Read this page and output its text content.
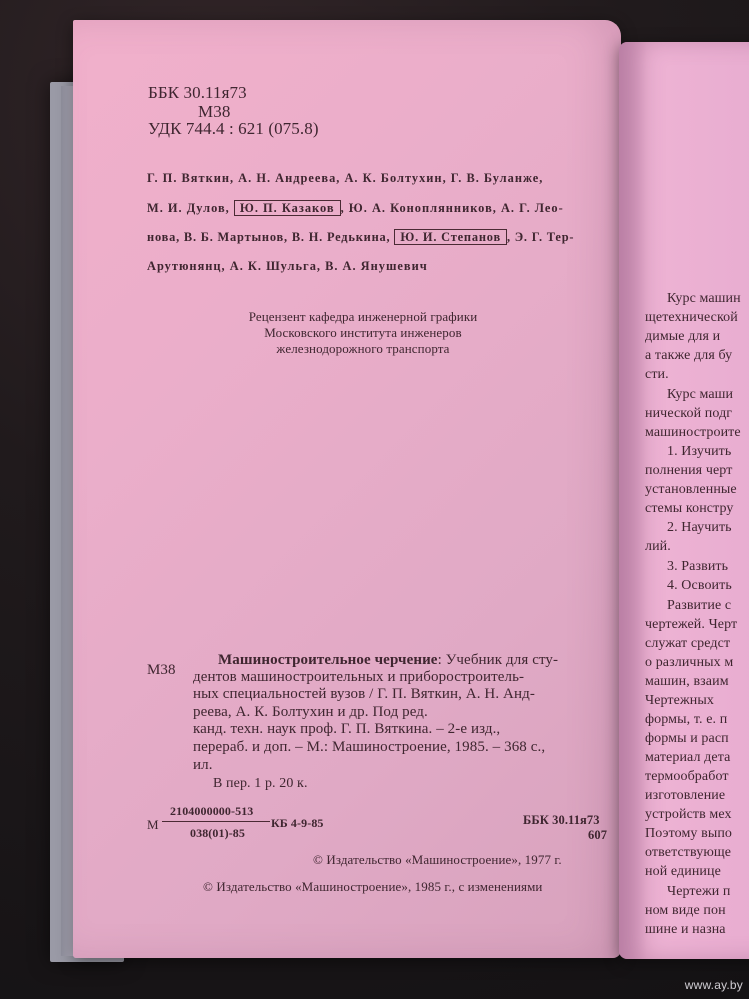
ББК 30.11я73
М38
УДК 744.4 : 621 (075.8)
Г. П. Вяткин, А. Н. Андреева, А. К. Болтухин, Г. В. Буланже,
М. И. Дулов, Ю. П. Казаков , Ю. А. Коноплянников, А. Г. Лео-
нова, В. Б. Мартынов, В. Н. Редькина, Ю. И. Степанов , Э. Г. Тер-
Арутюнянц, А. К. Шульга, В. А. Янушевич
Рецензент кафедра инженерной графики
Московского института инженеров
железнодорожного транспорта
М38
Машиностроительное черчение: Учебник для сту-
дентов машиностроительных и приборостроитель-
ных специальностей вузов / Г. П. Вяткин, А. Н. Анд-
реева, А. К. Болтухин и др. Под ред.
канд. техн. наук проф. Г. П. Вяткина. – 2-е изд.,
перераб. и доп. – М.: Машиностроение, 1985. – 368 с.,
ил.
В пер. 1 р. 20 к.
М
2104000000-513
038(01)-85
КБ 4-9-85	ББК 30.11я73
607
© Издательство «Машиностроение», 1977 г.
© Издательство «Машиностроение», 1985 г., с изменениями
Курс машин
щетехнической
димые для и
а также для бу
сти.
Курс маши
нической подг
машиностроите
1. Изучить
полнения черт
установленные
стемы констру
2. Научить
лий.
3. Развить
4. Освоить
Развитие с
чертежей. Черт
служат средст
о различных м
машин, взаим
Чертежных
формы, т. е. п
формы и расп
материал дета
термообработ
изготовление
устройств мех
Поэтому выпо
ответствующе
ной единице
Чертежи п
ном виде пон
шине и назна
www.ay.by
